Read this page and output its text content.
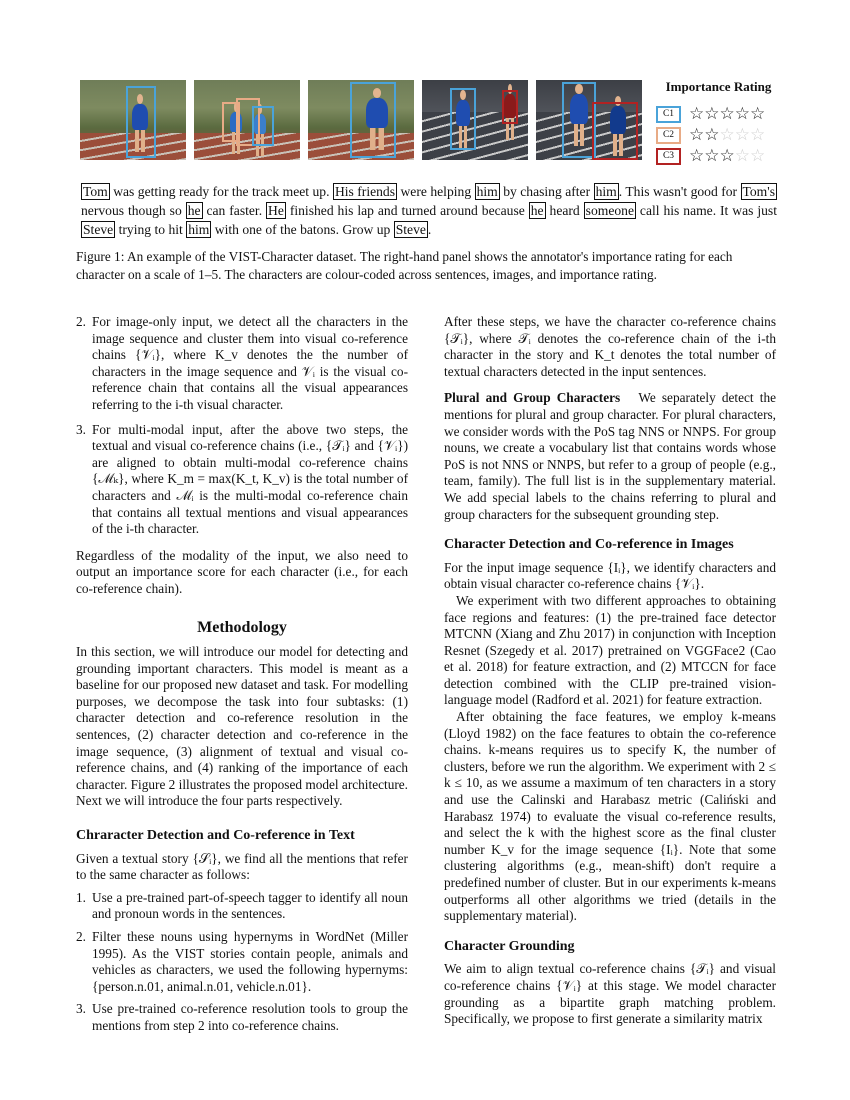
Importance Rating
C1 ☆☆☆☆☆
C2 ☆☆☆☆☆
C3 ☆☆☆☆☆
Tom was getting ready for the track meet up. His friends were helping him by chasing after him . This wasn't good for Tom's nervous though so he can faster. He finished his lap and turned around because he heard someone call his name. It was just Steve trying to hit him with one of the batons. Grow up Steve .
Figure 1: An example of the VIST-Character dataset. The right-hand panel shows the annotator's importance rating for each character on a scale of 1–5. The characters are colour-coded across sentences, images, and importance rating.
2. For image-only input, we detect all the characters in the image sequence and cluster them into visual co-reference chains {𝒱ᵢ}, where K_v denotes the the number of characters in the image sequence and 𝒱ᵢ is the visual co-reference chain that contains all the visual appearances referring to the i-th visual character.
3. For multi-modal input, after the above two steps, the textual and visual co-reference chains (i.e., {𝒯ᵢ} and {𝒱ᵢ}) are aligned to obtain multi-modal co-reference chains {ℳₖ}, where K_m = max(K_t, K_v) is the total number of characters and ℳᵢ is the multi-modal co-reference chain that contains all textual mentions and visual appearances of the i-th character.

Regardless of the modality of the input, we also need to output an importance score for each character (i.e., for each co-reference chain).

Methodology

In this section, we will introduce our model for detecting and grounding important characters. This model is meant as a baseline for our proposed new dataset and task. For modelling purposes, we decompose the task into four subtasks: (1) character detection and co-reference resolution in the sentences, (2) character detection and co-reference in the image sequence, (3) alignment of textual and visual co-reference chains, and (4) ranking of the importance of each character. Figure 2 illustrates the proposed model architecture. Next we will introduce the four parts respectively.

Chraracter Detection and Co-reference in Text

Given a textual story {𝒮ᵢ}, we find all the mentions that refer to the same character as follows:

1. Use a pre-trained part-of-speech tagger to identify all noun and pronoun words in the sentences.
2. Filter these nouns using hypernyms in WordNet (Miller 1995). As the VIST stories contain people, animals and vehicles as characters, we used the following hypernyms: {person.n.01, animal.n.01, vehicle.n.01}.
3. Use pre-trained co-reference resolution tools to group the mentions from step 2 into co-reference chains.

After these steps, we have the character co-reference chains {𝒯ᵢ}, where 𝒯ᵢ denotes the co-reference chain of the i-th character in the story and K_t denotes the total number of textual characters detected in the input sentences.

Plural and Group Characters We separately detect the mentions for plural and group character. For plural characters, we consider words with the PoS tag NNS or NNPS. For group nouns, we create a vocabulary list that contains words whose PoS is not NNS or NNPS, but refer to a group of people (e.g., team, family). The full list is in the supplementary material. We add special labels to the chains referring to plural and group characters for the subsequent grounding step.

Character Detection and Co-reference in Images

For the input image sequence {Iᵢ}, we identify characters and obtain visual character co-reference chains {𝒱ᵢ}.

We experiment with two different approaches to obtaining face regions and features: (1) the pre-trained face detector MTCNN (Xiang and Zhu 2017) in conjunction with Inception Resnet (Szegedy et al. 2017) pretrained on VGGFace2 (Cao et al. 2018) for feature extraction, and (2) MTCCN for face detection combined with the CLIP pre-trained vision-language model (Radford et al. 2021) for feature extraction.

After obtaining the face features, we employ k-means (Lloyd 1982) on the face features to obtain the co-reference chains. k-means requires us to specify K, the number of clusters, before we run the algorithm. We experiment with 2 ≤ k ≤ 10, as we assume a maximum of ten characters in a story and use the Calinski and Harabasz metric (Caliński and Harabasz 1974) to evaluate the visual co-reference results, and select the k with the highest score as the final cluster number K_v for the image sequence {Iᵢ}. Note that some clustering algorithms (e.g., mean-shift) don't require a predefined number of cluster. But in our experiments k-means outperforms all other algorithms we tried (details in the supplementary material).

Character Grounding

We aim to align textual co-reference chains {𝒯ᵢ} and visual co-reference chains {𝒱ᵢ} at this stage. We model character grounding as a bipartite graph matching problem. Specifically, we propose to first generate a similarity matrix
